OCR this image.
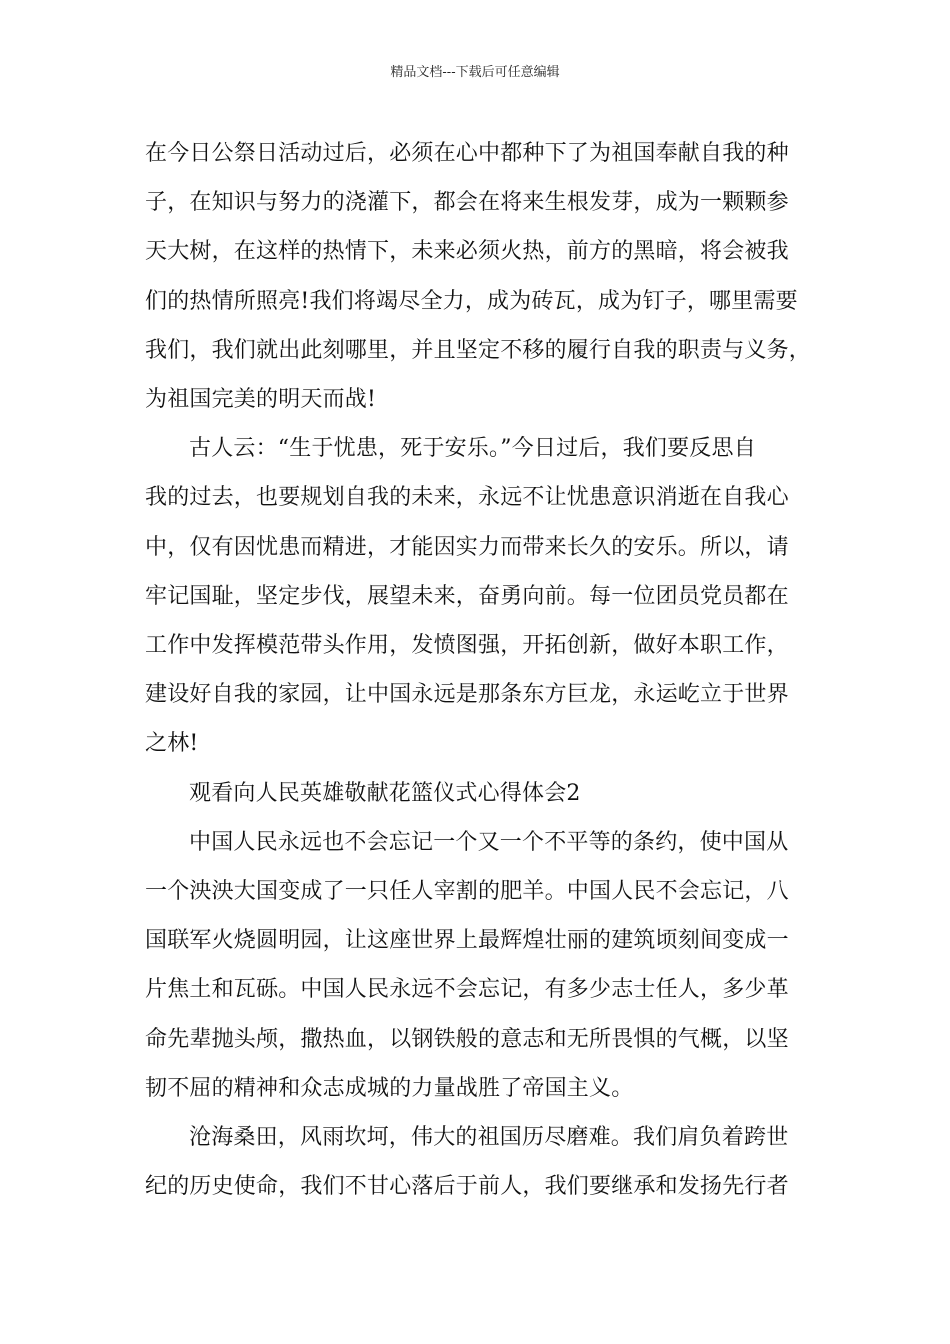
精品文档---下载后可任意编辑

在今日公祭日活动过后，必须在心中都种下了为祖国奉献自我的种
子，在知识与努力的浇灌下，都会在将来生根发芽，成为一颗颗参
天大树，在这样的热情下，未来必须火热，前方的黑暗，将会被我
们的热情所照亮!我们将竭尽全力，成为砖瓦，成为钉子，哪里需要
我们，我们就出此刻哪里，并且坚定不移的履行自我的职责与义务，
为祖国完美的明天而战!

古人云：“生于忧患，死于安乐。”今日过后，我们要反思自
我的过去，也要规划自我的未来，永远不让忧患意识消逝在自我心
中，仅有因忧患而精进，才能因实力而带来长久的安乐。所以，请
牢记国耻，坚定步伐，展望未来，奋勇向前。每一位团员党员都在
工作中发挥模范带头作用，发愤图强，开拓创新，做好本职工作，
建设好自我的家园，让中国永远是那条东方巨龙，永运屹立于世界
之林!

观看向人民英雄敬献花篮仪式心得体会2

中国人民永远也不会忘记一个又一个不平等的条约，使中国从
一个泱泱大国变成了一只任人宰割的肥羊。中国人民不会忘记，八
国联军火烧圆明园，让这座世界上最辉煌壮丽的建筑顷刻间变成一
片焦土和瓦砾。中国人民永远不会忘记，有多少志士任人，多少革
命先辈抛头颅，撒热血，以钢铁般的意志和无所畏惧的气概，以坚
韧不屈的精神和众志成城的力量战胜了帝国主义。

沧海桑田，风雨坎坷，伟大的祖国历尽磨难。我们肩负着跨世
纪的历史使命，我们不甘心落后于前人，我们要继承和发扬先行者
